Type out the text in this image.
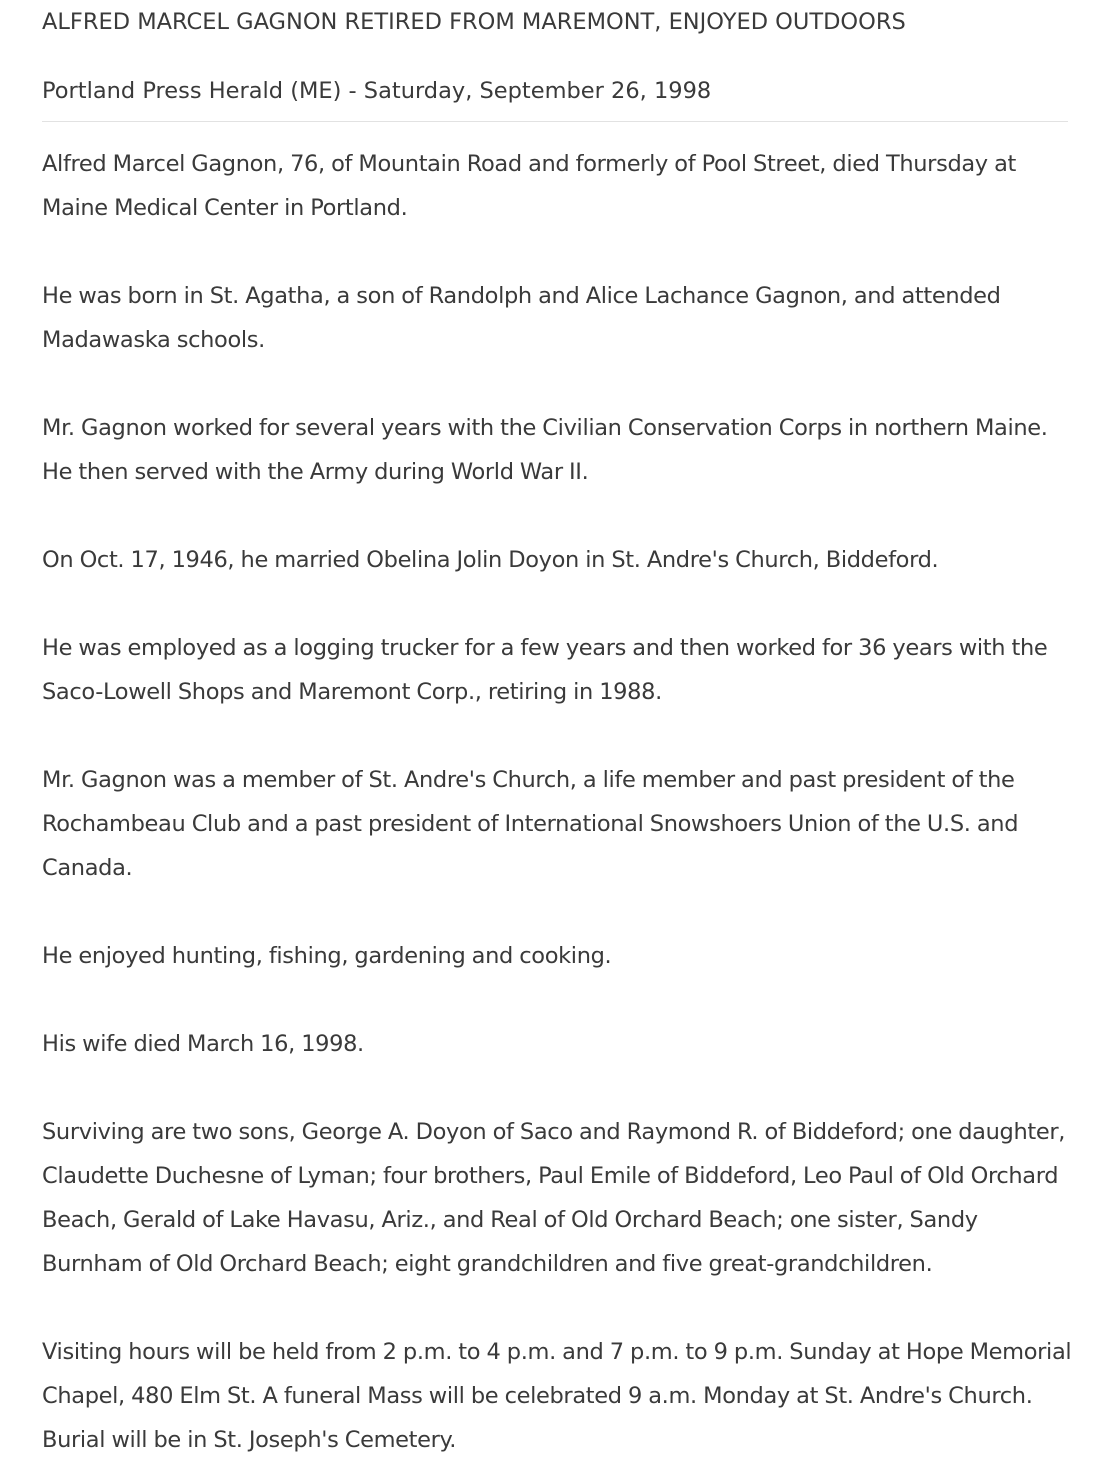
ALFRED MARCEL GAGNON RETIRED FROM MAREMONT, ENJOYED OUTDOORS

Portland Press Herald (ME) - Saturday, September 26, 1998

Alfred Marcel Gagnon, 76, of Mountain Road and formerly of Pool Street, died Thursday at Maine Medical Center in Portland.

He was born in St. Agatha, a son of Randolph and Alice Lachance Gagnon, and attended Madawaska schools.

Mr. Gagnon worked for several years with the Civilian Conservation Corps in northern Maine. He then served with the Army during World War II.

On Oct. 17, 1946, he married Obelina Jolin Doyon in St. Andre's Church, Biddeford.

He was employed as a logging trucker for a few years and then worked for 36 years with the Saco-Lowell Shops and Maremont Corp., retiring in 1988.

Mr. Gagnon was a member of St. Andre's Church, a life member and past president of the Rochambeau Club and a past president of International Snowshoers Union of the U.S. and Canada.

He enjoyed hunting, fishing, gardening and cooking.

His wife died March 16, 1998.

Surviving are two sons, George A. Doyon of Saco and Raymond R. of Biddeford; one daughter, Claudette Duchesne of Lyman; four brothers, Paul Emile of Biddeford, Leo Paul of Old Orchard Beach, Gerald of Lake Havasu, Ariz., and Real of Old Orchard Beach; one sister, Sandy Burnham of Old Orchard Beach; eight grandchildren and five great-grandchildren.

Visiting hours will be held from 2 p.m. to 4 p.m. and 7 p.m. to 9 p.m. Sunday at Hope Memorial Chapel, 480 Elm St. A funeral Mass will be celebrated 9 a.m. Monday at St. Andre's Church. Burial will be in St. Joseph's Cemetery.
